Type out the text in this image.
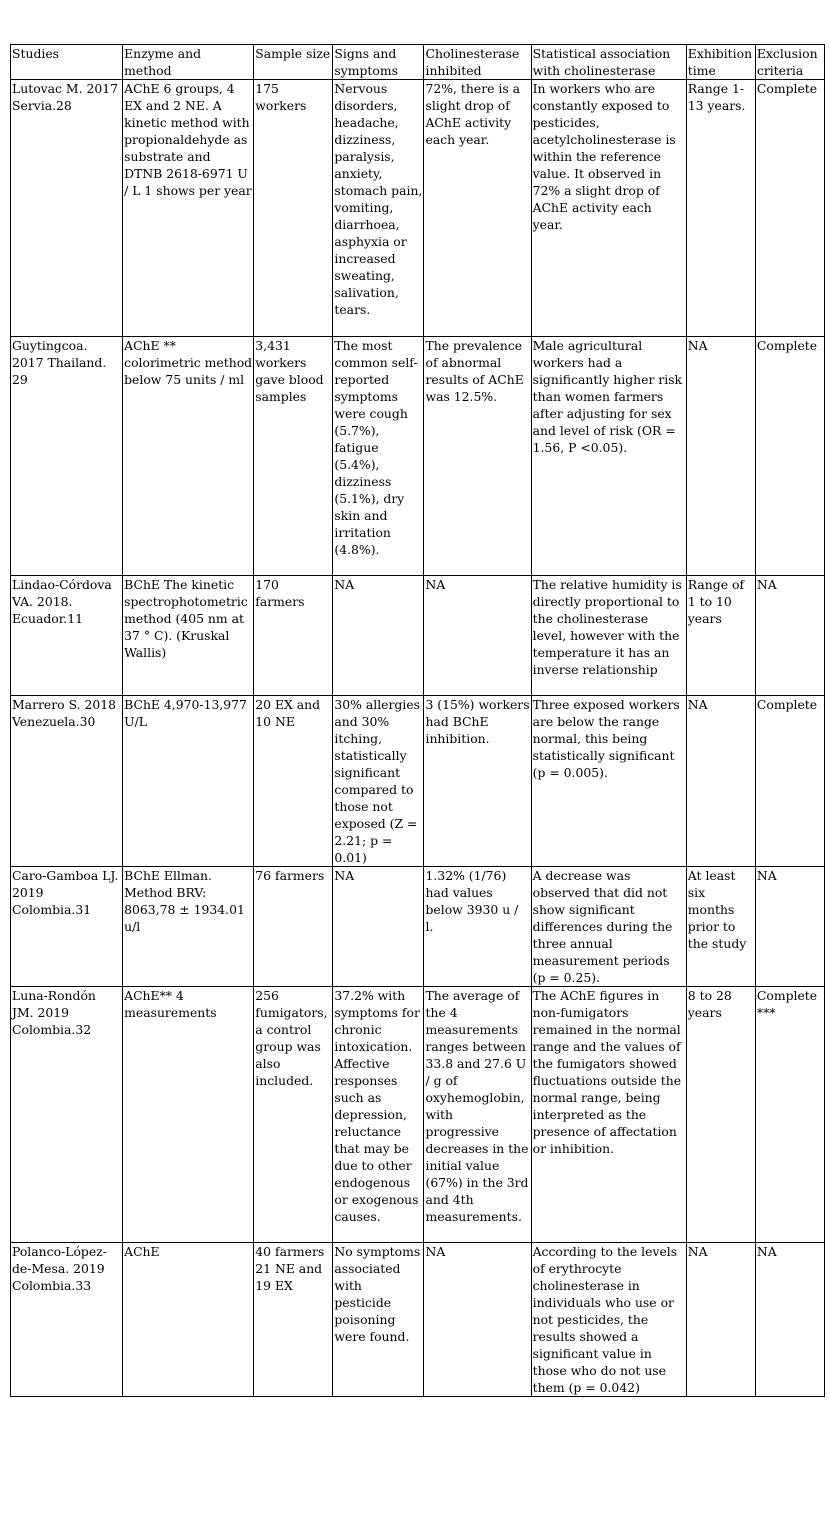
Studies	Enzyme and method	Sample size	Signs and symptoms	Cholinesterase inhibited	Statistical association with cholinesterase	Exhibition time	Exclusion criteria
Lutovac M. 2017 Servia.28	AChE 6 groups, 4 EX and 2 NE. A kinetic method with propionaldehyde as substrate and DTNB 2618-6971 U / L 1 shows per year	175 workers	Nervous disorders, headache, dizziness, paralysis, anxiety, stomach pain, vomiting, diarrhoea, asphyxia or increased sweating, salivation, tears.	72%, there is a slight drop of AChE activity each year.	In workers who are constantly exposed to pesticides, acetylcholinesterase is within the reference value. It observed in 72% a slight drop of AChE activity each year.	Range 1-13 years.	Complete
Guytingcoa. 2017 Thailand. 29	AChE ** colorimetric method below 75 units / ml	3,431 workers gave blood samples	The most common self-reported symptoms were cough (5.7%), fatigue (5.4%), dizziness (5.1%), dry skin and irritation (4.8%).	The prevalence of abnormal results of AChE was 12.5%.	Male agricultural workers had a significantly higher risk than women farmers after adjusting for sex and level of risk (OR = 1.56, P <0.05).	NA	Complete
Lindao-Córdova VA. 2018. Ecuador.11	BChE The kinetic spectrophotometric method (405 nm at 37 ° C). (Kruskal Wallis)	170 farmers	NA	NA	The relative humidity is directly proportional to the cholinesterase level, however with the temperature it has an inverse relationship	Range of 1 to 10 years	NA
Marrero S. 2018 Venezuela.30	BChE 4,970-13,977 U/L	20 EX and 10 NE	30% allergies and 30% itching, statistically significant compared to those not exposed (Z = 2.21; p = 0.01)	3 (15%) workers had BChE inhibition.	Three exposed workers are below the range normal, this being statistically significant (p = 0.005).	NA	Complete
Caro-Gamboa LJ. 2019 Colombia.31	BChE Ellman. Method BRV: 8063,78 ± 1934.01 u/l	76 farmers	NA	1.32% (1/76) had values below 3930 u / l.	A decrease was observed that did not show significant differences during the three annual measurement periods (p = 0.25).	At least six months prior to the study	NA
Luna-Rondón JM. 2019 Colombia.32	AChE** 4 measurements	256 fumigators, a control group was also included.	37.2% with symptoms for chronic intoxication. Affective responses such as depression, reluctance that may be due to other endogenous or exogenous causes.	The average of the 4 measurements ranges between 33.8 and 27.6 U / g of oxyhemoglobin, with progressive decreases in the initial value (67%) in the 3rd and 4th measurements.	The AChE figures in non-fumigators remained in the normal range and the values of the fumigators showed fluctuations outside the normal range, being interpreted as the presence of affectation or inhibition.	8 to 28 years	Complete ***
Polanco-López-de-Mesa. 2019 Colombia.33	AChE	40 farmers 21 NE and 19 EX	No symptoms associated with pesticide poisoning were found.	NA	According to the levels of erythrocyte cholinesterase in individuals who use or not pesticides, the results showed a significant value in those who do not use them (p = 0.042)	NA	NA
